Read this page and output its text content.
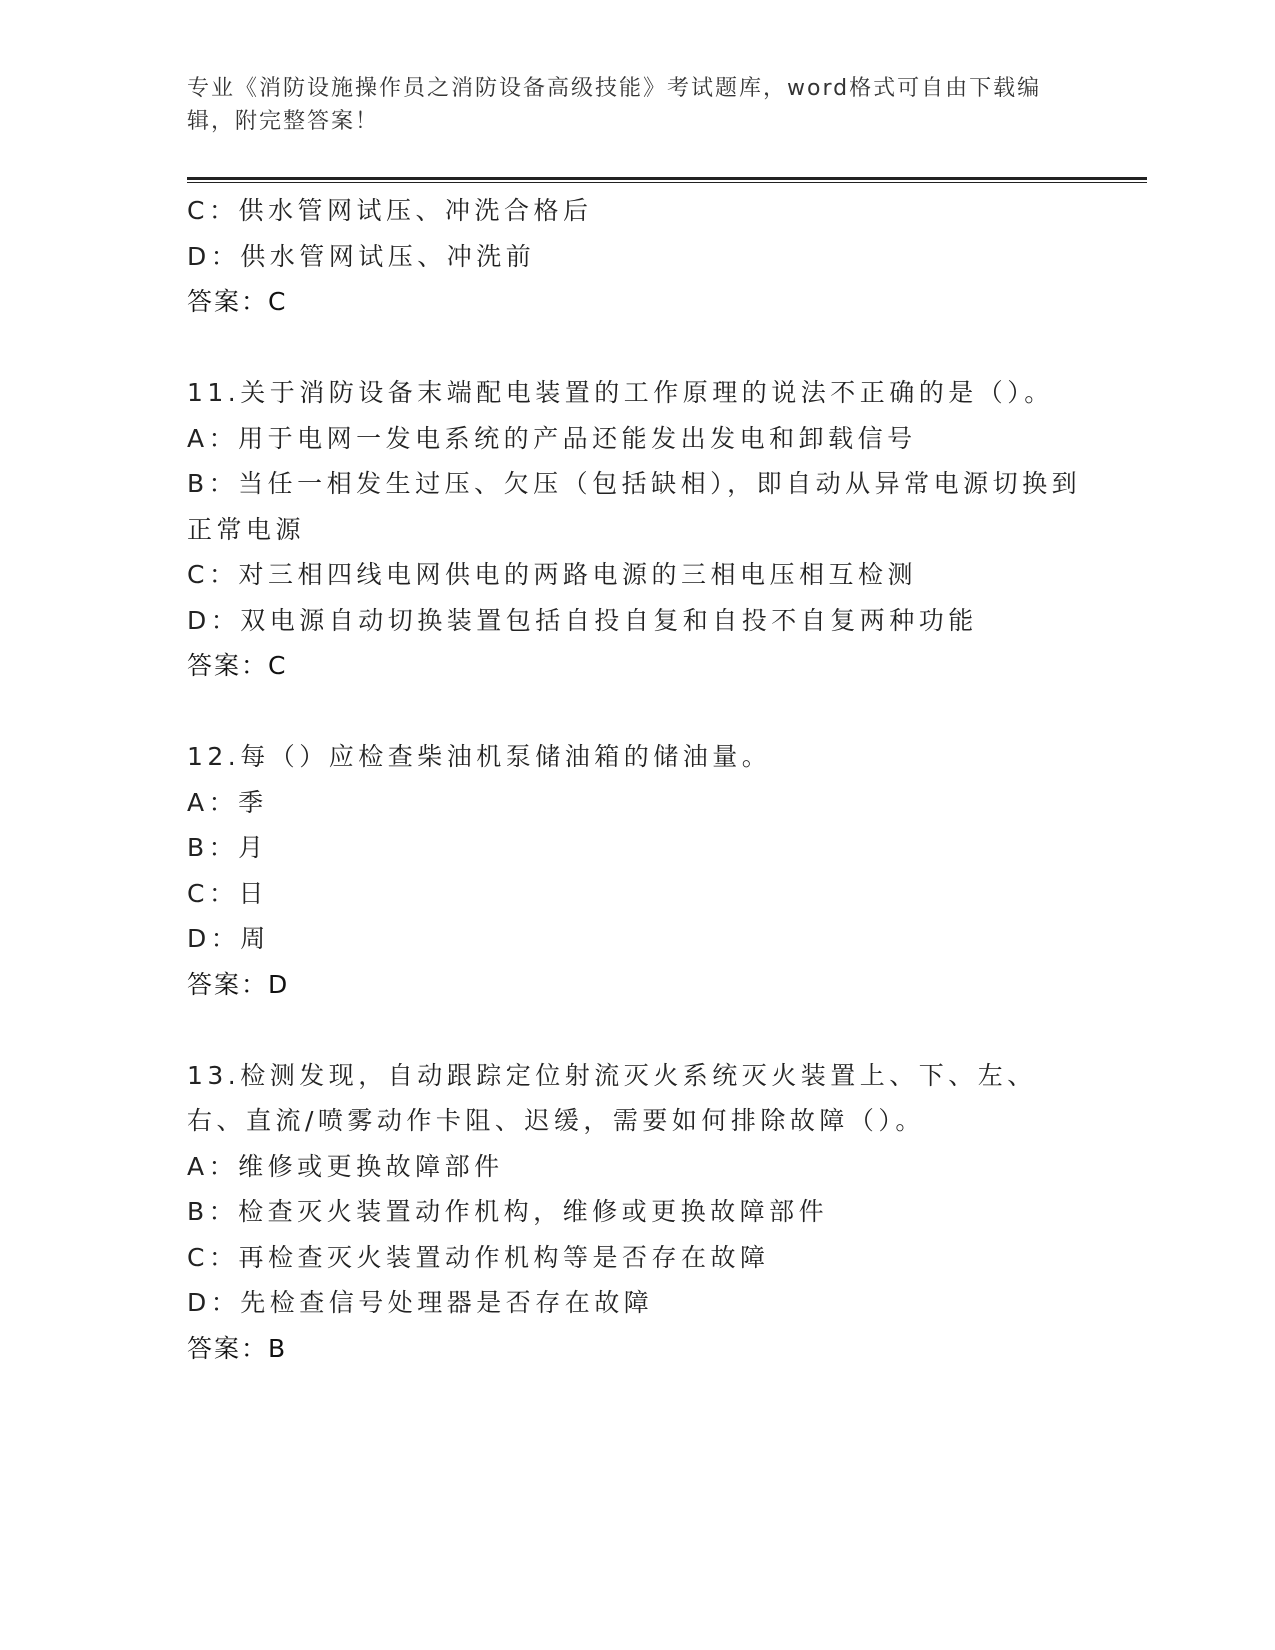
专业《消防设施操作员之消防设备高级技能》考试题库，word格式可自由下载编辑，附完整答案！
C：供水管网试压、冲洗合格后
D：供水管网试压、冲洗前
答案：C
11.关于消防设备末端配电装置的工作原理的说法不正确的是（）。
A：用于电网一发电系统的产品还能发出发电和卸载信号
B：当任一相发生过压、欠压（包括缺相），即自动从异常电源切换到正常电源
C：对三相四线电网供电的两路电源的三相电压相互检测
D：双电源自动切换装置包括自投自复和自投不自复两种功能
答案：C
12.每（）应检查柴油机泵储油箱的储油量。
A：季
B：月
C：日
D：周
答案：D
13.检测发现，自动跟踪定位射流灭火系统灭火装置上、下、左、右、直流/喷雾动作卡阻、迟缓，需要如何排除故障（）。
A：维修或更换故障部件
B：检查灭火装置动作机构，维修或更换故障部件
C：再检查灭火装置动作机构等是否存在故障
D：先检查信号处理器是否存在故障
答案：B
